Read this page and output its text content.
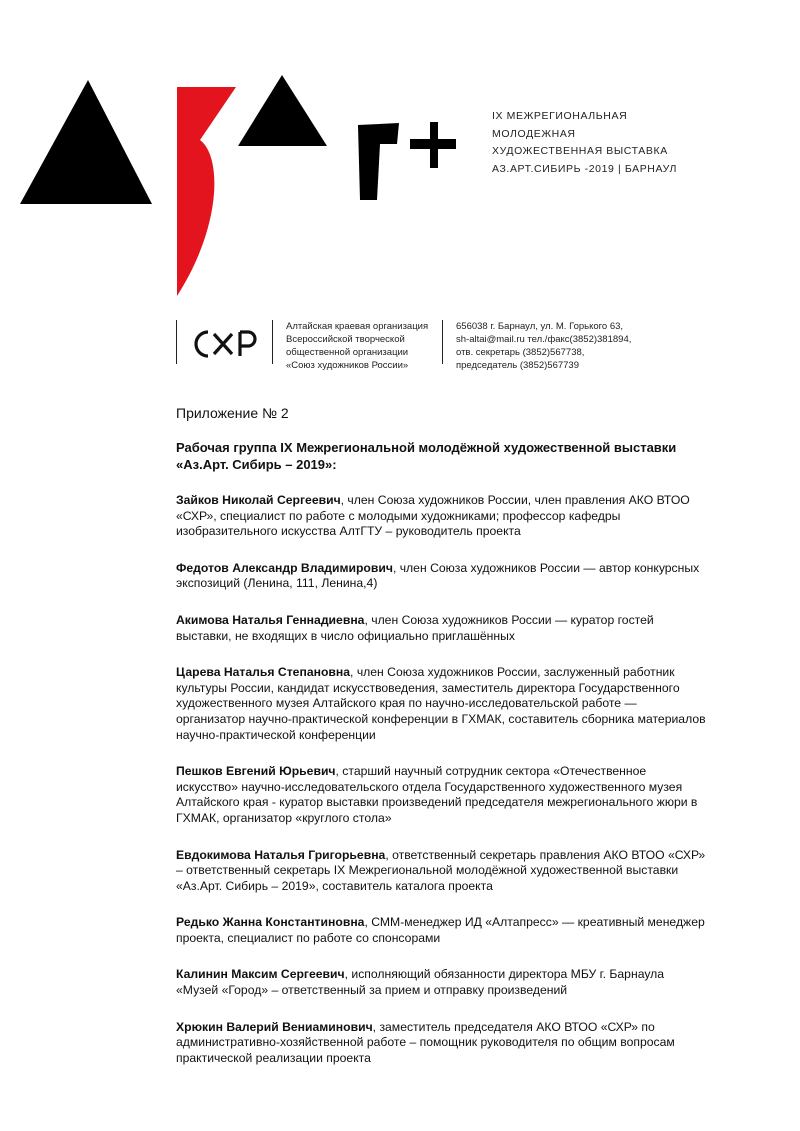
IX МЕЖРЕГИОНАЛЬНАЯ
МОЛОДЕЖНАЯ
ХУДОЖЕСТВЕННАЯ ВЫСТАВКА
АЗ.АРТ.СИБИРЬ -2019 | БАРНАУЛ
Алтайская краевая организация
Всероссийской творческой
общественной организации
«Союз художников России»
656038 г. Барнаул, ул. М. Горького 63,
sh-altai@mail.ru тел./факс(3852)381894,
отв. секретарь (3852)567738,
председатель (3852)567739
Приложение № 2
Рабочая группа IX Межрегиональной молодёжной художественной выставки «Аз.Арт. Сибирь – 2019»:
Зайков Николай Сергеевич, член Союза художников России, член правления АКО ВТОО «СХР», специалист по работе с молодыми художниками; профессор кафедры изобразительного искусства АлтГТУ – руководитель проекта
Федотов Александр Владимирович, член Союза художников России — автор конкурсных экспозиций (Ленина, 111, Ленина,4)
Акимова Наталья Геннадиевна, член Союза художников России — куратор гостей выставки, не входящих в число официально приглашённых
Царева Наталья Степановна, член Союза художников России, заслуженный работник культуры России, кандидат искусствоведения, заместитель директора Государственного художественного музея Алтайского края по научно-исследовательской работе — организатор научно-практической конференции в ГХМАК, составитель сборника материалов научно-практической конференции
Пешков Евгений Юрьевич, старший научный сотрудник сектора «Отечественное искусство» научно-исследовательского отдела Государственного художественного музея Алтайского края - куратор выставки произведений председателя межрегионального жюри в ГХМАК, организатор «круглого стола»
Евдокимова Наталья Григорьевна, ответственный секретарь правления АКО ВТОО «СХР» – ответственный секретарь IX Межрегиональной молодёжной художественной выставки «Аз.Арт. Сибирь – 2019», составитель каталога проекта
Редько Жанна Константиновна, СММ-менеджер ИД «Алтапресс» — креативный менеджер проекта, специалист по работе со спонсорами
Калинин Максим Сергеевич, исполняющий обязанности директора МБУ г. Барнаула «Музей «Город» – ответственный за прием и отправку произведений
Хрюкин Валерий Вениаминович, заместитель председателя АКО ВТОО «СХР» по административно-хозяйственной работе – помощник руководителя по общим вопросам практической реализации проекта
